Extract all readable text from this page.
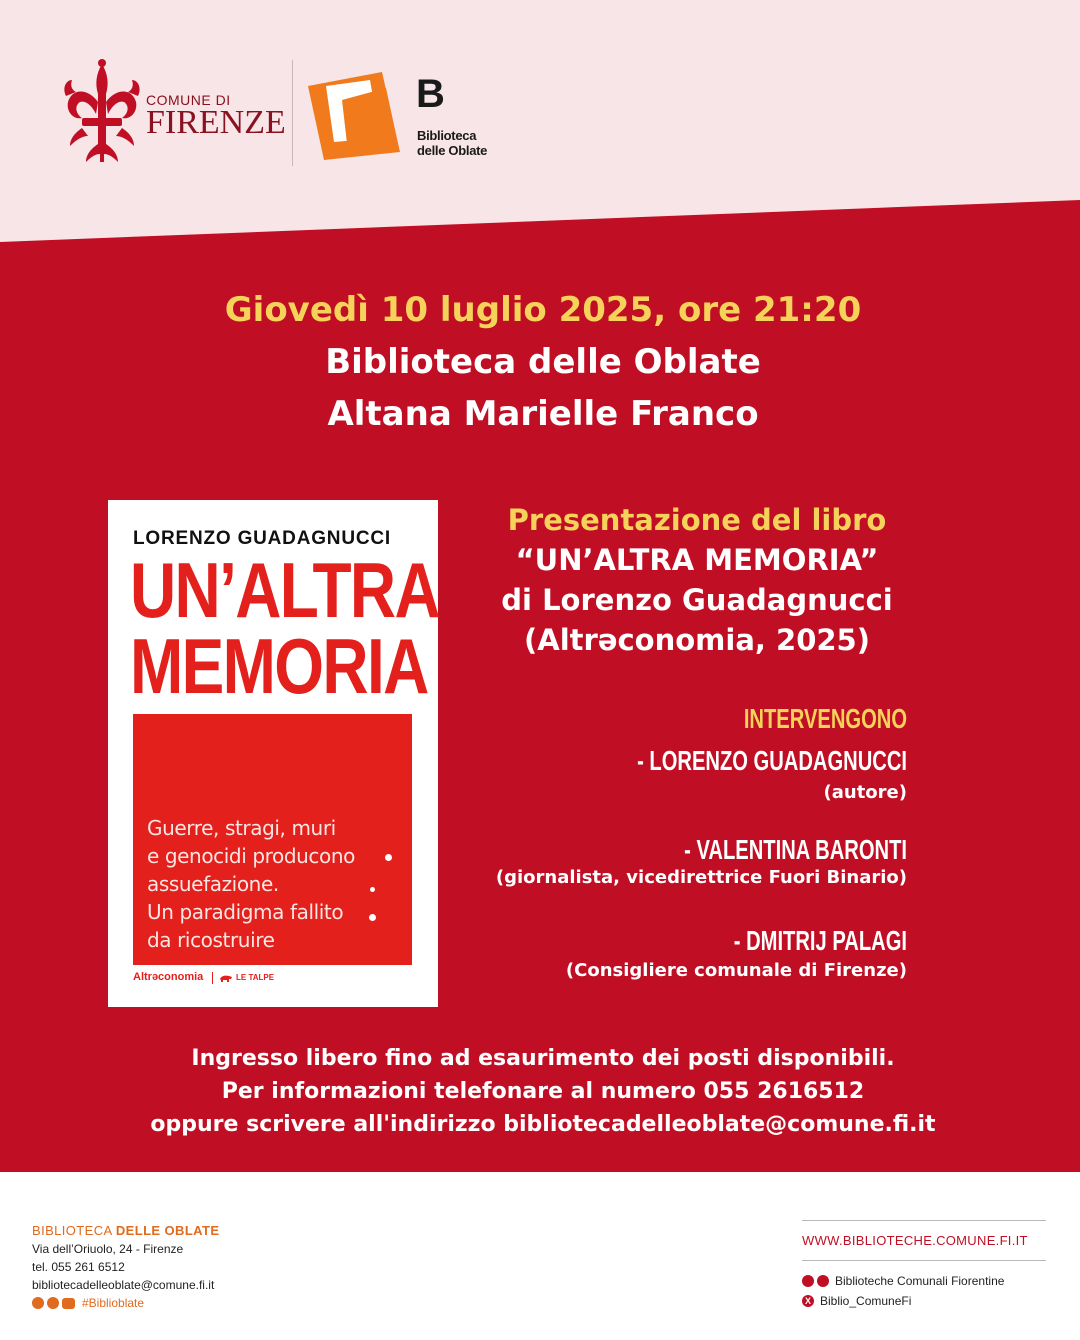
COMUNE DI
FIRENZE
B
Biblioteca
delle Oblate
Giovedì 10 luglio 2025, ore 21:20
Biblioteca delle Oblate
Altana Marielle Franco
LORENZO GUADAGNUCCI
UN’ALTRA
MEMORIA
Guerre, stragi, muri
e genocidi producono
assuefazione.
Un paradigma fallito
da ricostruire
Altrəconomia	LE TALPE
Presentazione del libro
“UN’ALTRA MEMORIA”
di Lorenzo Guadagnucci
(Altrəconomia, 2025)
INTERVENGONO
- LORENZO GUADAGNUCCI
(autore)
- VALENTINA BARONTI
(giornalista, vicedirettrice Fuori Binario)
- DMITRIJ PALAGI
(Consigliere comunale di Firenze)
Ingresso libero fino ad esaurimento dei posti disponibili.
Per informazioni telefonare al numero 055 2616512
oppure scrivere all'indirizzo bibliotecadelleoblate@comune.fi.it
BIBLIOTECA DELLE OBLATE
Via dell’Oriuolo, 24 - Firenze
tel. 055 261 6512
bibliotecadelleoblate@comune.fi.it
#Biblioblate
WWW.BIBLIOTECHE.COMUNE.FI.IT
Biblioteche Comunali Fiorentine
X Biblio_ComuneFi
